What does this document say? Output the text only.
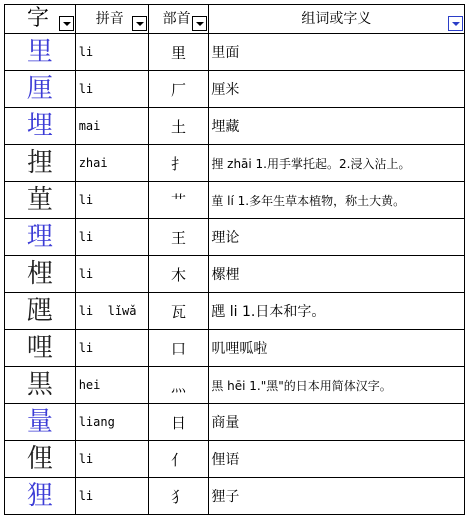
字	拼音	部首	组词或字义

里	li	里	里面
厘	li	厂	厘米
埋	mai	土	埋藏
捚	zhai	扌	捚 zhāi 1.用手掌托起。2.浸入沾上。
荲	li	艹	荲 lí 1.多年生草本植物，称土大黄。
理	li	王	理论
梩	li	木	樏梩
瓼	li  lǐwǎ	瓦	瓼 li 1.日本和字。
哩	li	口	叽哩呱啦
黒	hei	灬	黒 hēi 1."黑"的日本用简体汉字。
量	liang	日	商量
俚	li	亻	俚语
狸	li	犭	狸子
